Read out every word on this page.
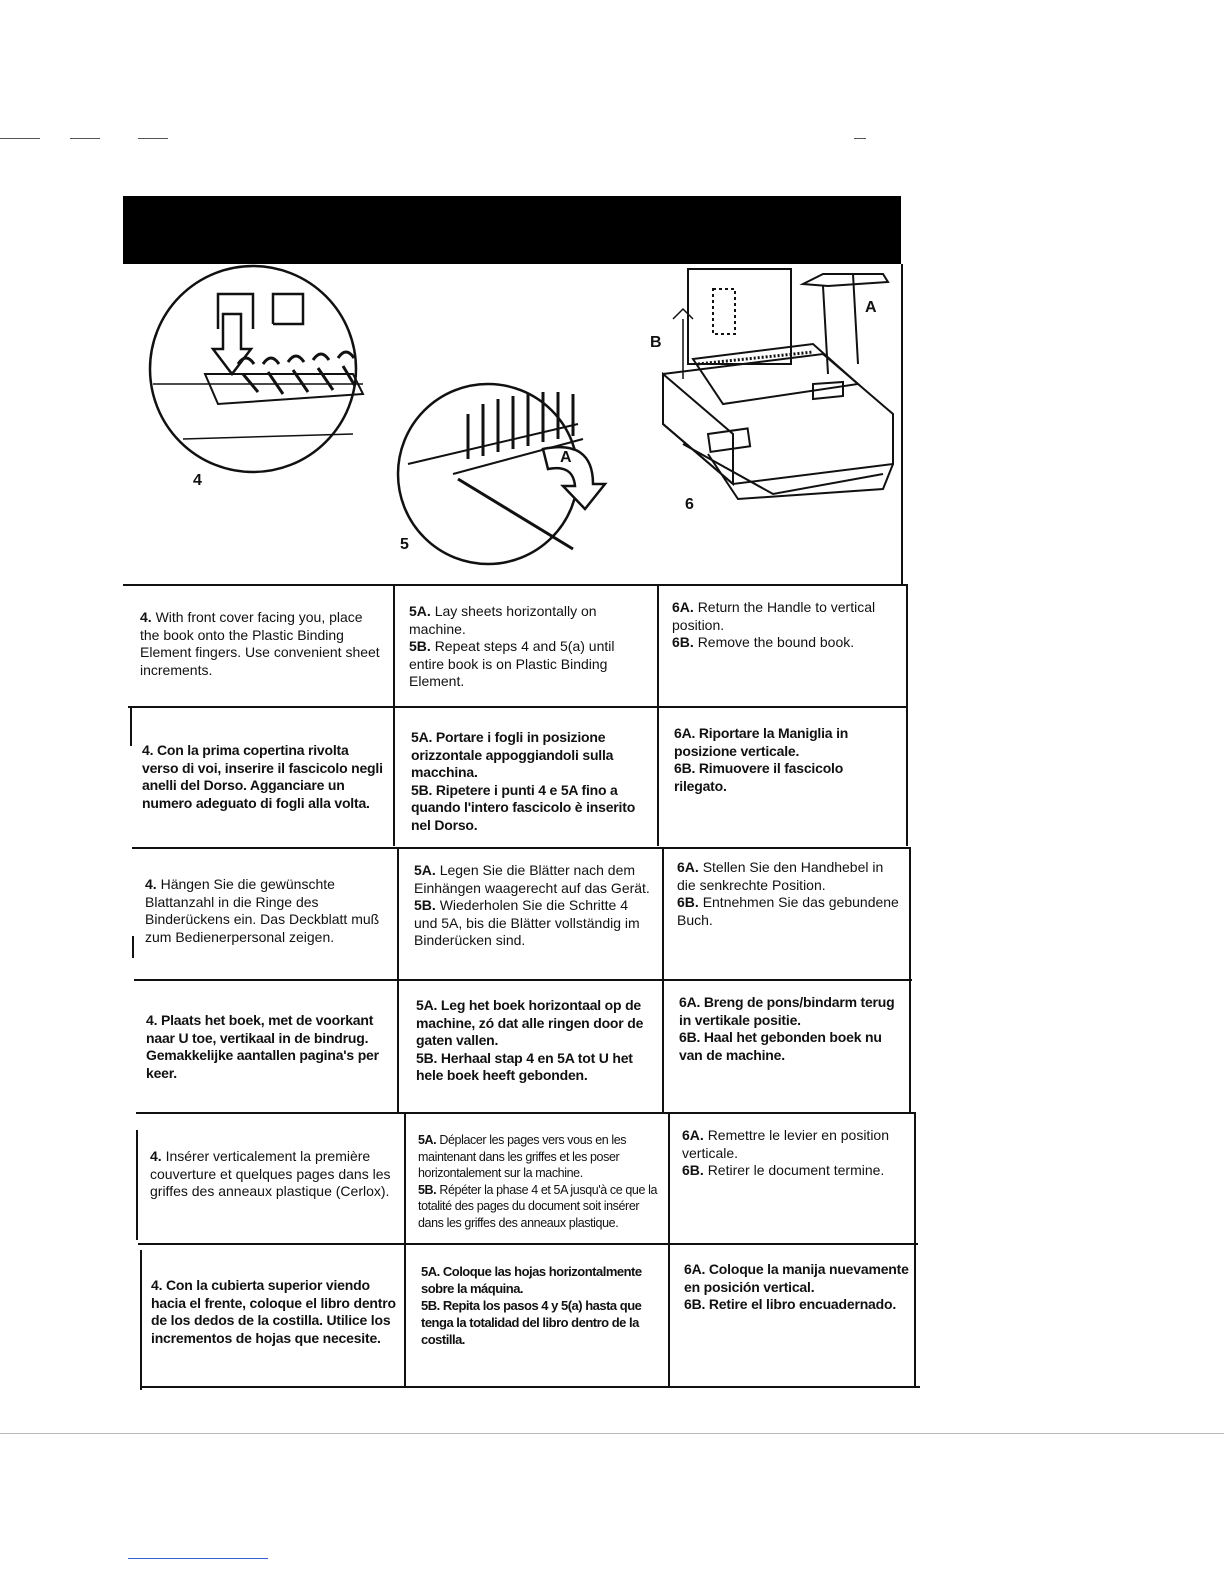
A
A
B
4
5
6
4. With front cover facing you, place the book onto the Plastic Binding Element fingers. Use convenient sheet increments.
5A. Lay sheets horizontally on machine.
5B. Repeat steps 4 and 5(a) until entire book is on Plastic Binding Element.
6A. Return the Handle to vertical position.
6B. Remove the bound book.
4. Con la prima copertina rivolta verso di voi, inserire il fascicolo negli anelli del Dorso. Agganciare un numero adeguato di fogli alla volta.
5A. Portare i fogli in posizione orizzontale appoggiandoli sulla macchina.
5B. Ripetere i punti 4 e 5A fino a quando l'intero fascicolo è inserito nel Dorso.
6A. Riportare la Maniglia in posizione verticale.
6B. Rimuovere il fascicolo rilegato.
4. Hängen Sie die gewünschte Blattanzahl in die Ringe des Binderückens ein. Das Deckblatt muß zum Bedienerpersonal zeigen.
5A. Legen Sie die Blätter nach dem Einhängen waagerecht auf das Gerät.
5B. Wiederholen Sie die Schritte 4 und 5A, bis die Blätter vollständig im Binderücken sind.
6A. Stellen Sie den Handhebel in die senkrechte Position.
6B. Entnehmen Sie das gebundene Buch.
4. Plaats het boek, met de voorkant naar U toe, vertikaal in de bindrug. Gemakkelijke aantallen pagina's per keer.
5A. Leg het boek horizontaal op de machine, zó dat alle ringen door de gaten vallen.
5B. Herhaal stap 4 en 5A tot U het hele boek heeft gebonden.
6A. Breng de pons/bindarm terug in vertikale positie.
6B. Haal het gebonden boek nu van de machine.
4. Insérer verticalement la première couverture et quelques pages dans les griffes des anneaux plastique (Cerlox).
5A. Déplacer les pages vers vous en les maintenant dans les griffes et les poser horizontalement sur la machine.
5B. Répéter la phase 4 et 5A jusqu'à ce que la totalité des pages du document soit insérer dans les griffes des anneaux plastique.
6A. Remettre le levier en position verticale.
6B. Retirer le document termine.
4. Con la cubierta superior viendo hacia el frente, coloque el libro dentro de los dedos de la costilla. Utilice los incrementos de hojas que necesite.
5A. Coloque las hojas horizontalmente sobre la máquina.
5B. Repita los pasos 4 y 5(a) hasta que tenga la totalidad del libro dentro de la costilla.
6A. Coloque la manija nuevamente en posición vertical.
6B. Retire el libro encuadernado.
